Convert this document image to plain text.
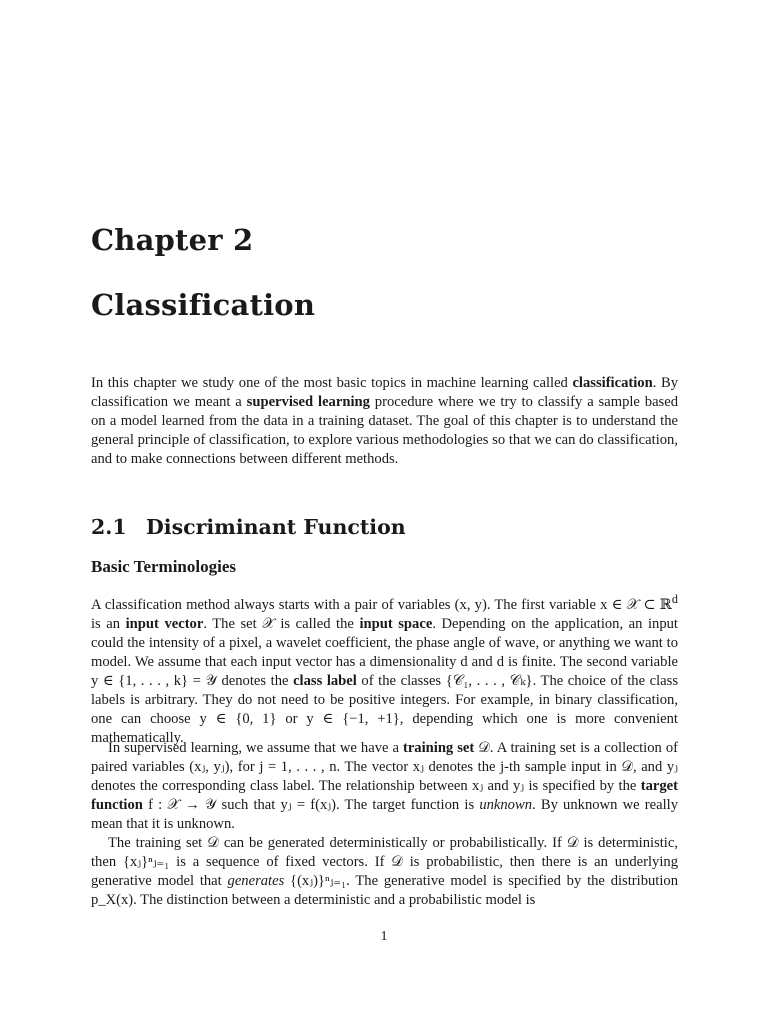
Chapter 2
Classification

In this chapter we study one of the most basic topics in machine learning called classification. By classification we meant a supervised learning procedure where we try to classify a sample based on a model learned from the data in a training dataset. The goal of this chapter is to understand the general principle of classification, to explore various methodologies so that we can do classification, and to make connections between different methods.

2.1 Discriminant Function
Basic Terminologies

A classification method always starts with a pair of variables (x, y). The first variable x ∈ 𝒳 ⊂ ℝ$^d$ is an input vector. The set 𝒳 is called the input space. Depending on the application, an input could the intensity of a pixel, a wavelet coefficient, the phase angle of wave, or anything we want to model. We assume that each input vector has a dimensionality d and d is finite. The second variable y ∈ {1, . . . , k} = 𝒴 denotes the class label of the classes {𝒞₁, . . . , 𝒞ₖ}. The choice of the class labels is arbitrary. They do not need to be positive integers. For example, in binary classification, one can choose y ∈ {0, 1} or y ∈ {−1, +1}, depending which one is more convenient mathematically.

In supervised learning, we assume that we have a training set 𝒟. A training set is a collection of paired variables (xⱼ, yⱼ), for j = 1, . . . , n. The vector xⱼ denotes the j-th sample input in 𝒟, and yⱼ denotes the corresponding class label. The relationship between xⱼ and yⱼ is specified by the target function f : 𝒳 → 𝒴 such that yⱼ = f(xⱼ). The target function is unknown. By unknown we really mean that it is unknown.

The training set 𝒟 can be generated deterministically or probabilistically. If 𝒟 is deterministic, then {xⱼ}ⁿⱼ₌₁ is a sequence of fixed vectors. If 𝒟 is probabilistic, then there is an underlying generative model that generates {(xⱼ)}ⁿⱼ₌₁. The generative model is specified by the distribution p_X(x). The distinction between a deterministic and a probabilistic model is

1
